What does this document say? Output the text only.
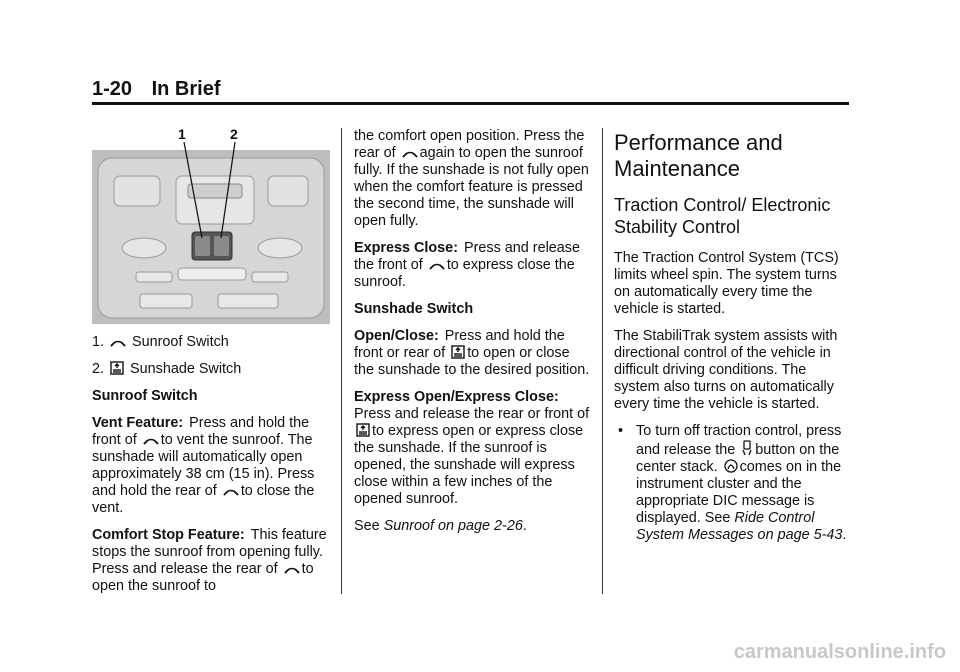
1-20 In Brief
1	2

1. Sunroof Switch

2. Sunshade Switch

Sunroof Switch

Vent Feature: Press and hold the front of to vent the sunroof. The sunshade will automatically open approximately 38 cm (15 in). Press and hold the rear of to close the vent.

Comfort Stop Feature: This feature stops the sunroof from opening fully. Press and release the rear of to open the sunroof to

the comfort open position. Press the rear of again to open the sunroof fully. If the sunshade is not fully open when the comfort feature is pressed the second time, the sunshade will open fully.

Express Close: Press and release the front of to express close the sunroof.

Sunshade Switch

Open/Close: Press and hold the front or rear of to open or close the sunshade to the desired position.

Express Open/Express Close:
Press and release the rear or front of to express open or express close the sunshade. If the sunroof is opened, the sunshade will express close within a few inches of the opened sunroof.

See Sunroof on page 2-26.

Performance and Maintenance
Traction Control/ Electronic Stability Control

The Traction Control System (TCS) limits wheel spin. The system turns on automatically every time the vehicle is started.

The StabiliTrak system assists with directional control of the vehicle in difficult driving conditions. The system also turns on automatically every time the vehicle is started.

• To turn off traction control, press and release the button on the center stack. comes on in the instrument cluster and the appropriate DIC message is displayed. See Ride Control System Messages on page 5-43.

carmanualsonline.info
